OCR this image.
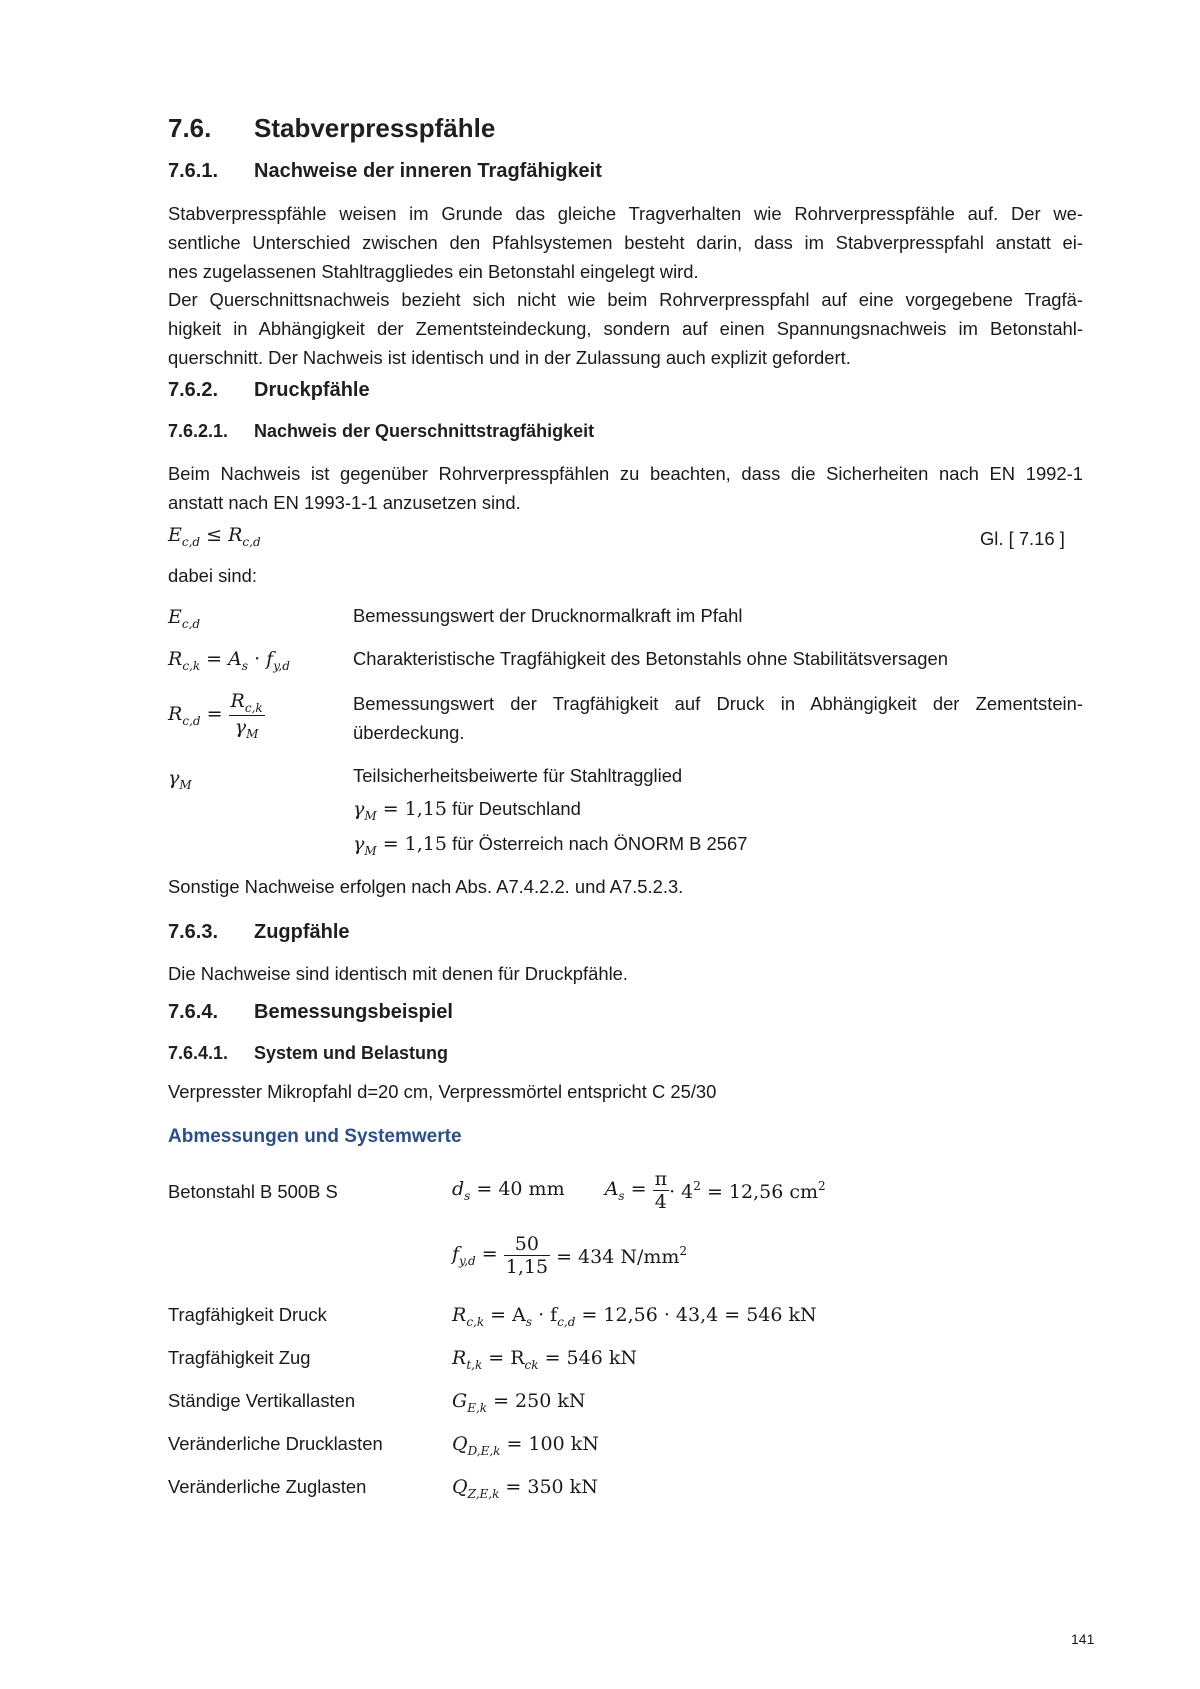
7.6. Stabverpresspfähle
7.6.1. Nachweise der inneren Tragfähigkeit
Stabverpresspfähle weisen im Grunde das gleiche Tragverhalten wie Rohrverpresspfähle auf. Der we-
sentliche Unterschied zwischen den Pfahlsystemen besteht darin, dass im Stabverpresspfahl anstatt ei-
nes zugelassenen Stahltraggliedes ein Betonstahl eingelegt wird.
Der Querschnittsnachweis bezieht sich nicht wie beim Rohrverpresspfahl auf eine vorgegebene Tragfä-
higkeit in Abhängigkeit der Zementsteindeckung, sondern auf einen Spannungsnachweis im Betonstahl-
querschnitt. Der Nachweis ist identisch und in der Zulassung auch explizit gefordert.
7.6.2. Druckpfähle
7.6.2.1. Nachweis der Querschnittstragfähigkeit
Beim Nachweis ist gegenüber Rohrverpresspfählen zu beachten, dass die Sicherheiten nach EN 1992-1
anstatt nach EN 1993-1-1 anzusetzen sind.
$E_{c,d} \le R_{c,d}$	Gl. [ 7.16 ]
dabei sind:
$E_{c,d}$	Bemessungswert der Drucknormalkraft im Pfahl
$R_{c,k} = A_s \cdot f_{y,d}$	Charakteristische Tragfähigkeit des Betonstahls ohne Stabilitätsversagen
$R_{c,d} = \frac{R_{c,k}}{\gamma_M}$	Bemessungswert der Tragfähigkeit auf Druck in Abhängigkeit der Zementstein-
überdeckung.
$\gamma_M$	Teilsicherheitsbeiwerte für Stahltragglied
$\gamma_M = 1,15$ für Deutschland
$\gamma_M = 1,15$ für Österreich nach ÖNORM B 2567
Sonstige Nachweise erfolgen nach Abs. A7.4.2.2. und A7.5.2.3.
7.6.3. Zugpfähle
Die Nachweise sind identisch mit denen für Druckpfähle.
7.6.4. Bemessungsbeispiel
7.6.4.1. System und Belastung
Verpresster Mikropfahl d=20 cm, Verpressmörtel entspricht C 25/30
Abmessungen und Systemwerte
Betonstahl B 500B S	$d_s = 40$ mm $A_s = \frac{\pi}{4} \cdot 4^2 = 12,56$ $cm^2$
$f_{y,d} = \frac{50}{1,15} = 434$ $N/mm^2$
Tragfähigkeit Druck	$R_{c,k} = A_s \cdot f_{c,d} = 12,56 \cdot 43,4 = 546$ kN
Tragfähigkeit Zug	$R_{t,k} = R_{ck} = 546$ kN
Ständige Vertikallasten	$G_{E,k} = 250$ kN
Veränderliche Drucklasten	$Q_{D,E,k} = 100$ kN
Veränderliche Zuglasten	$Q_{Z,E,k} = 350$ kN
141
